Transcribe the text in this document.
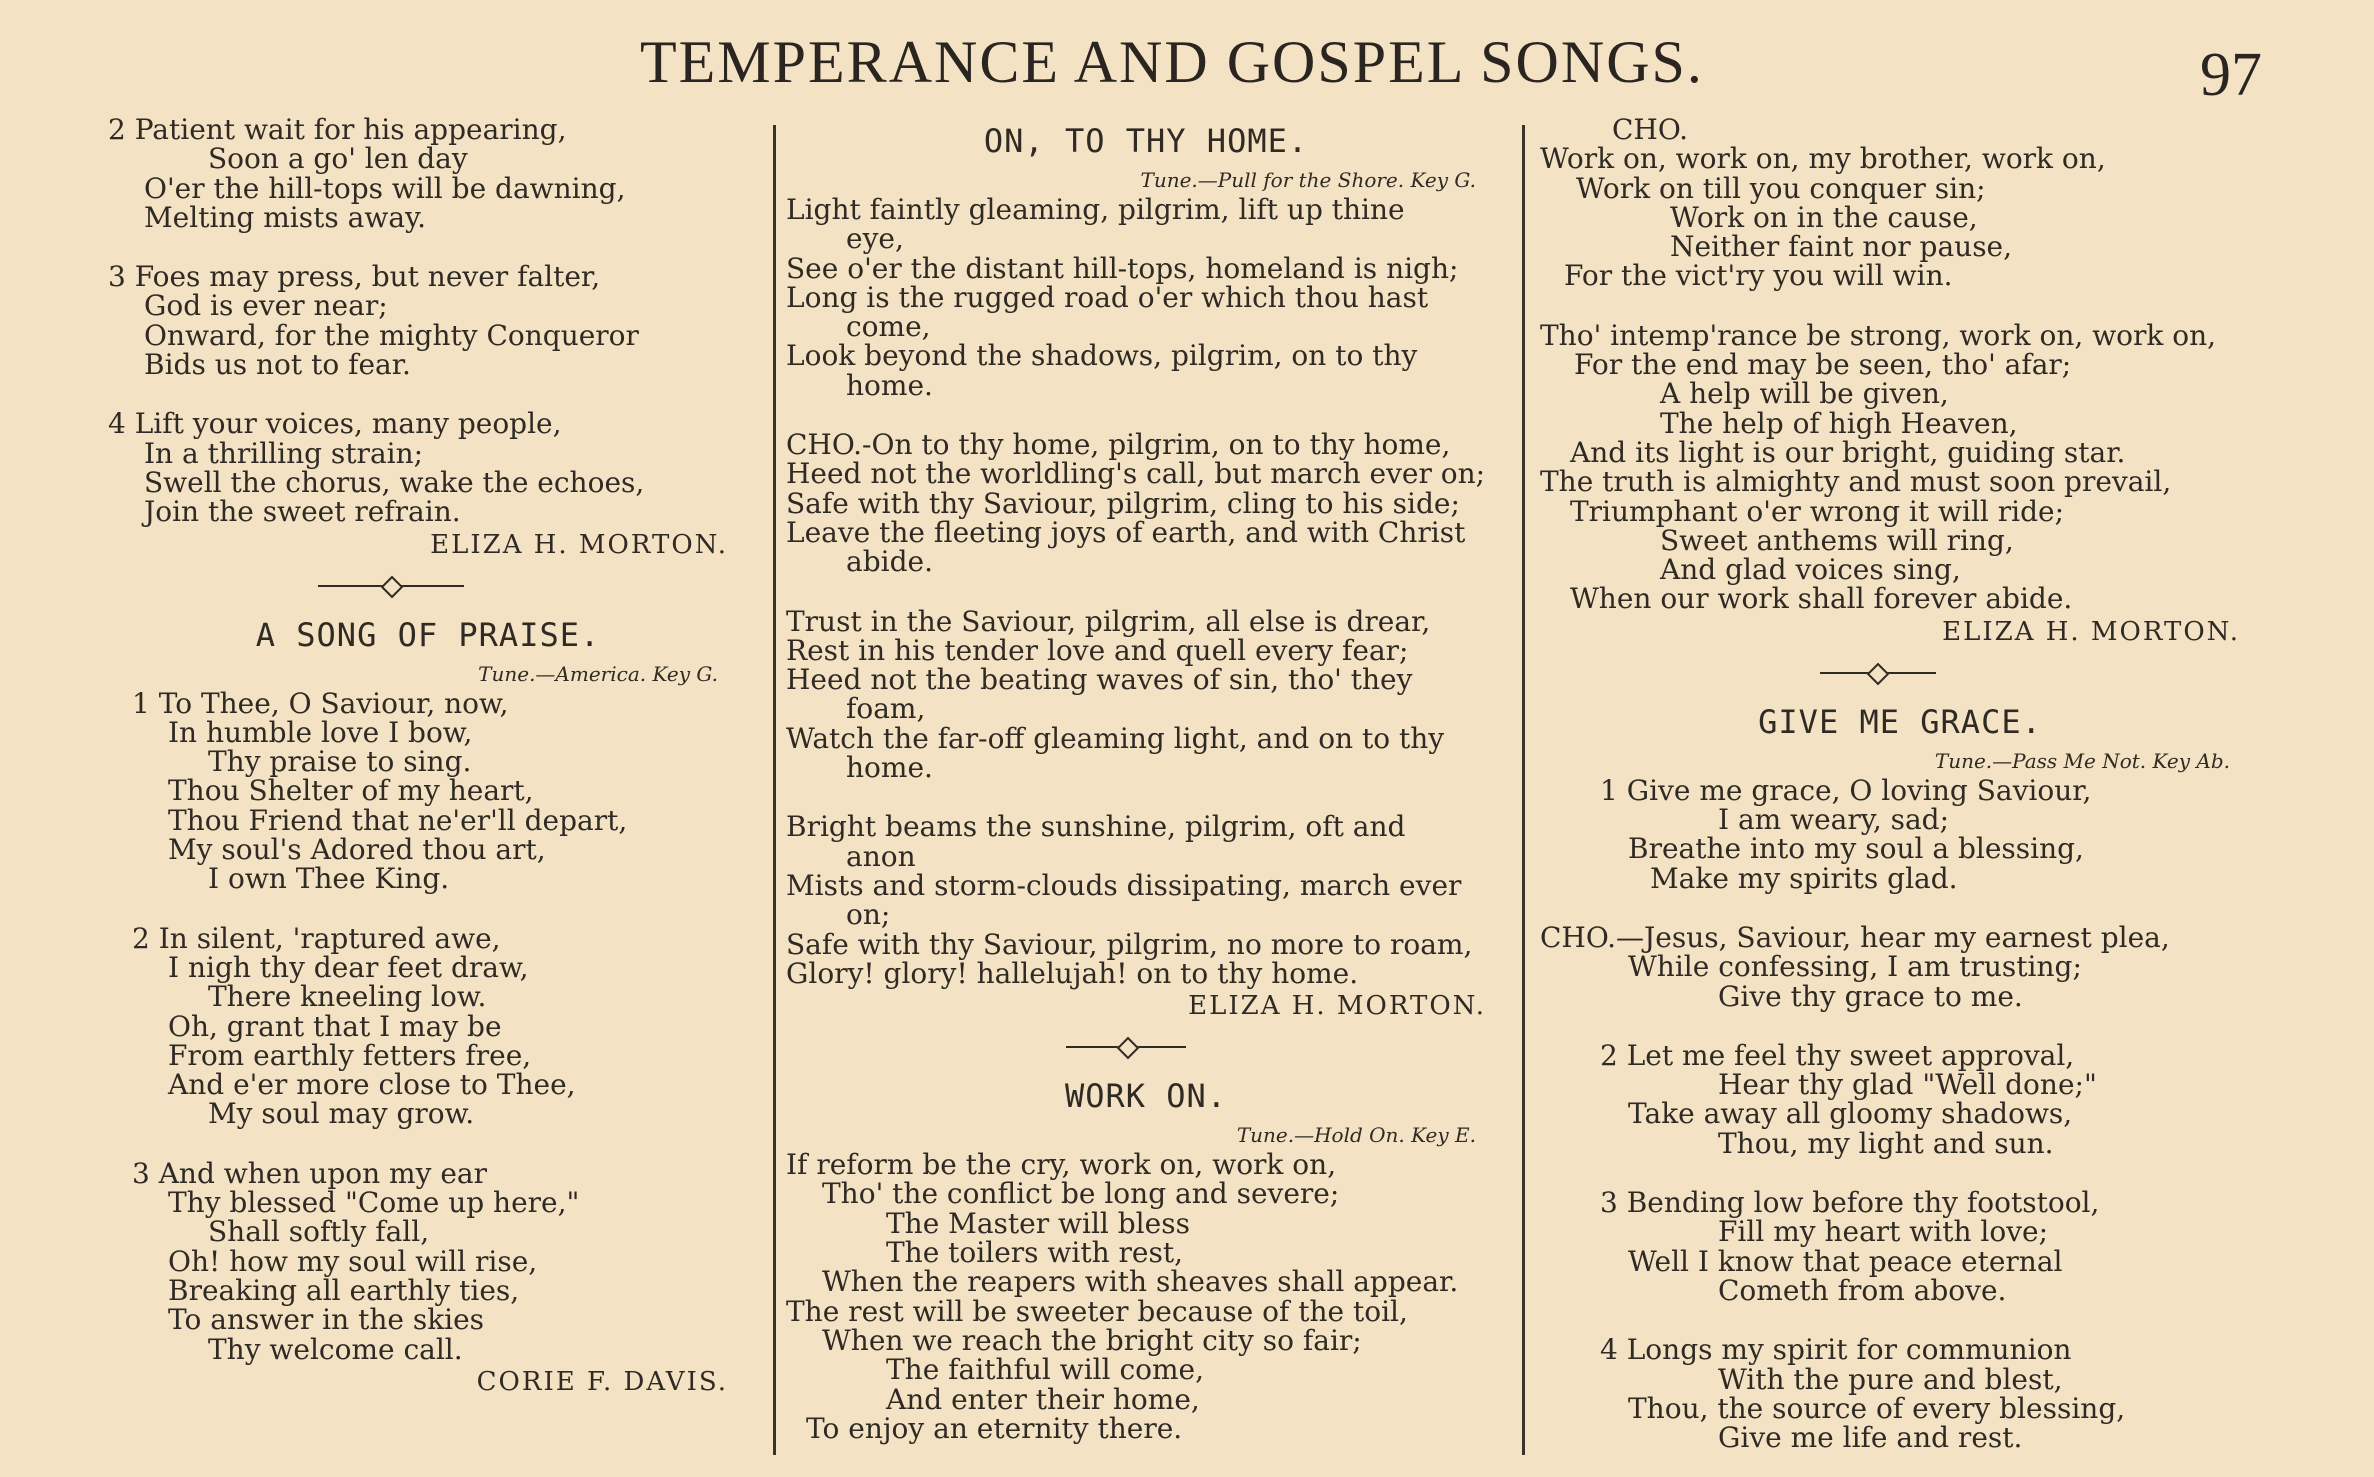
TEMPERANCE AND GOSPEL SONGS.	97
2 Patient wait for his appearing,
Soon a go' len day
O'er the hill-tops will be dawning,
Melting mists away.
3 Foes may press, but never falter,
God is ever near;
Onward, for the mighty Conqueror
Bids us not to fear.
4 Lift your voices, many people,
In a thrilling strain;
Swell the chorus, wake the echoes,
Join the sweet refrain.
ELIZA H. MORTON.
A SONG OF PRAISE.
Tune.—America. Key G.
1 To Thee, O Saviour, now,
In humble love I bow,
Thy praise to sing.
Thou Shelter of my heart,
Thou Friend that ne'er'll depart,
My soul's Adored thou art,
I own Thee King.
2 In silent, 'raptured awe,
I nigh thy dear feet draw,
There kneeling low.
Oh, grant that I may be
From earthly fetters free,
And e'er more close to Thee,
My soul may grow.
3 And when upon my ear
Thy blessed "Come up here,"
Shall softly fall,
Oh! how my soul will rise,
Breaking all earthly ties,
To answer in the skies
Thy welcome call.
CORIE F. DAVIS.
ON, TO THY HOME.
Tune.—Pull for the Shore. Key G.
Light faintly gleaming, pilgrim, lift up thine
eye,
See o'er the distant hill-tops, homeland is nigh;
Long is the rugged road o'er which thou hast
come,
Look beyond the shadows, pilgrim, on to thy
home.
CHO.-On to thy home, pilgrim, on to thy home,
Heed not the worldling's call, but march ever on;
Safe with thy Saviour, pilgrim, cling to his side;
Leave the fleeting joys of earth, and with Christ
abide.
Trust in the Saviour, pilgrim, all else is drear,
Rest in his tender love and quell every fear;
Heed not the beating waves of sin, tho' they
foam,
Watch the far-off gleaming light, and on to thy
home.
Bright beams the sunshine, pilgrim, oft and
anon
Mists and storm-clouds dissipating, march ever
on;
Safe with thy Saviour, pilgrim, no more to roam,
Glory! glory! hallelujah! on to thy home.
ELIZA H. MORTON.
WORK ON.
Tune.—Hold On. Key E.
If reform be the cry, work on, work on,
Tho' the conflict be long and severe;
The Master will bless
The toilers with rest,
When the reapers with sheaves shall appear.
The rest will be sweeter because of the toil,
When we reach the bright city so fair;
The faithful will come,
And enter their home,
To enjoy an eternity there.
CHO.
Work on, work on, my brother, work on,
Work on till you conquer sin;
Work on in the cause,
Neither faint nor pause,
For the vict'ry you will win.
Tho' intemp'rance be strong, work on, work on,
For the end may be seen, tho' afar;
A help will be given,
The help of high Heaven,
And its light is our bright, guiding star.
The truth is almighty and must soon prevail,
Triumphant o'er wrong it will ride;
Sweet anthems will ring,
And glad voices sing,
When our work shall forever abide.
ELIZA H. MORTON.
GIVE ME GRACE.
Tune.—Pass Me Not. Key Ab.
1 Give me grace, O loving Saviour,
I am weary, sad;
Breathe into my soul a blessing,
Make my spirits glad.
CHO.—Jesus, Saviour, hear my earnest plea,
While confessing, I am trusting;
Give thy grace to me.
2 Let me feel thy sweet approval,
Hear thy glad "Well done;"
Take away all gloomy shadows,
Thou, my light and sun.
3 Bending low before thy footstool,
Fill my heart with love;
Well I know that peace eternal
Cometh from above.
4 Longs my spirit for communion
With the pure and blest,
Thou, the source of every blessing,
Give me life and rest.
